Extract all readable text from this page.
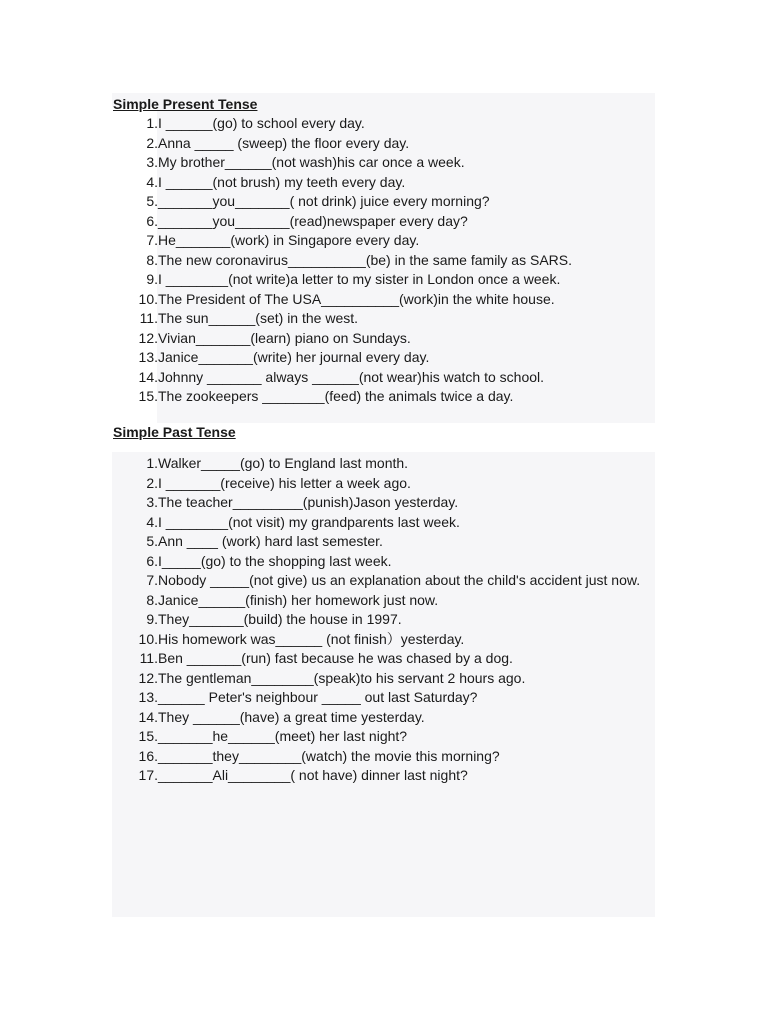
Simple Present Tense
1. I ______(go) to school every day.
2. Anna _____ (sweep) the floor every day.
3. My brother______(not wash)his car once a week.
4. I ______(not brush) my teeth every day.
5. _______you_______( not drink) juice every morning?
6. _______you_______(read)newspaper every day?
7. He_______(work) in Singapore every day.
8. The new coronavirus__________(be) in the same family as SARS.
9. I ________(not write)a letter to my sister in London once a week.
10. The President of The USA__________(work)in the white house.
11. The sun______(set) in the west.
12. Vivian_______(learn) piano on Sundays.
13. Janice_______(write) her journal every day.
14. Johnny _______ always ______(not wear)his watch to school.
15. The zookeepers ________(feed) the animals twice a day.
Simple Past Tense
1. Walker_____(go) to England last month.
2. I _______(receive) his letter a week ago.
3. The teacher_________(punish)Jason yesterday.
4. I ________(not visit) my grandparents last week.
5. Ann ____ (work) hard last semester.
6. I_____(go) to the shopping last week.
7. Nobody _____(not give) us an explanation about the child's accident just now.
8. Janice______(finish) her homework just now.
9. They_______(build) the house in 1997.
10. His homework was______ (not finish）yesterday.
11. Ben _______(run) fast because he was chased by a dog.
12. The gentleman________(speak)to his servant 2 hours ago.
13. ______ Peter's neighbour _____ out last Saturday?
14. They ______(have) a great time yesterday.
15. _______he______(meet) her last night?
16. _______they________(watch) the movie this morning?
17. _______Ali________( not have) dinner last night?
